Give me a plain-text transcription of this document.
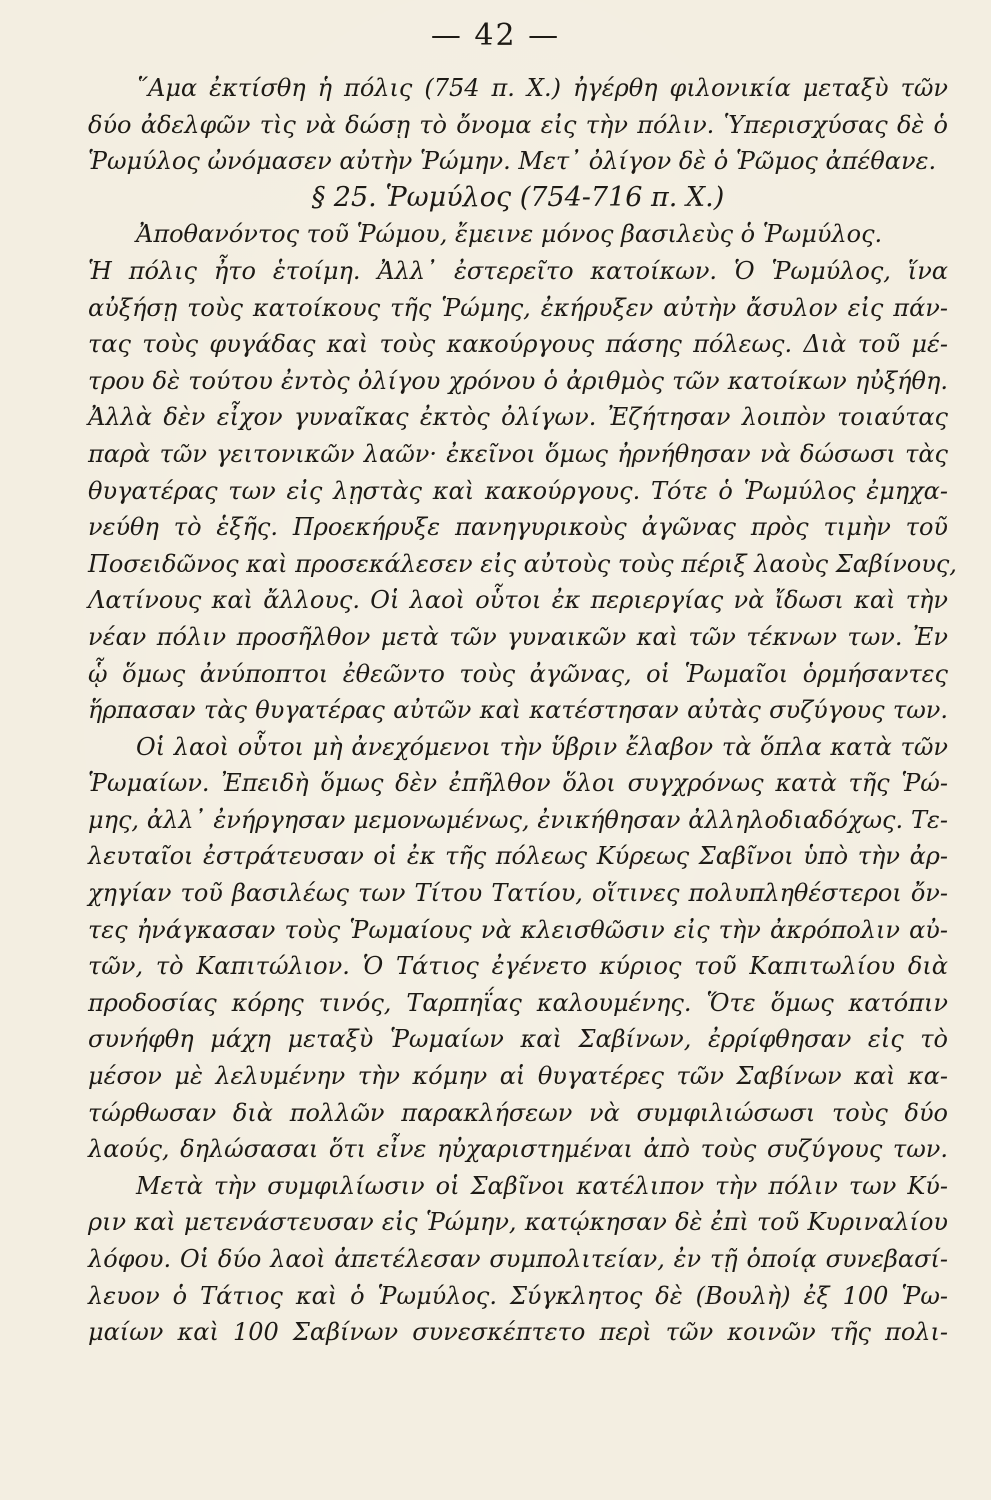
— 42 —
῞Αμα ἐκτίσθη ἡ πόλις (754 π. Χ.) ἠγέρθη φιλονικία μεταξὺ τῶν
δύο ἀδελφῶν τὶς νὰ δώσῃ τὸ ὄνομα εἰς τὴν πόλιν. Ὑπερισχύσας δὲ ὁ
Ῥωμύλος ὠνόμασεν αὐτὴν Ῥώμην. Μετ᾽ ὀλίγον δὲ ὁ Ῥῶμος ἀπέθανε.
§ 25. Ῥωμύλος (754-716 π. Χ.)
Ἀποθανόντος τοῦ Ῥώμου, ἔμεινε μόνος βασιλεὺς ὁ Ῥωμύλος.
Ἡ πόλις ἦτο ἑτοίμη. Ἀλλ᾽ ἐστερεῖτο κατοίκων. Ὁ Ῥωμύλος, ἵνα
αὐξήσῃ τοὺς κατοίκους τῆς Ῥώμης, ἐκήρυξεν αὐτὴν ἄσυλον εἰς πάν-
τας τοὺς φυγάδας καὶ τοὺς κακούργους πάσης πόλεως. Διὰ τοῦ μέ-
τρου δὲ τούτου ἐντὸς ὀλίγου χρόνου ὁ ἀριθμὸς τῶν κατοίκων ηὐξήθη.
Ἀλλὰ δὲν εἶχον γυναῖκας ἐκτὸς ὀλίγων. Ἐζήτησαν λοιπὸν τοιαύτας
παρὰ τῶν γειτονικῶν λαῶν· ἐκεῖνοι ὅμως ἠρνήθησαν νὰ δώσωσι τὰς
θυγατέρας των εἰς λῃστὰς καὶ κακούργους. Τότε ὁ Ῥωμύλος ἐμηχα-
νεύθη τὸ ἑξῆς. Προεκήρυξε πανηγυρικοὺς ἀγῶνας πρὸς τιμὴν τοῦ
Ποσειδῶνος καὶ προσεκάλεσεν εἰς αὐτοὺς τοὺς πέριξ λαοὺς Σαβίνους,
Λατίνους καὶ ἄλλους. Οἱ λαοὶ οὗτοι ἐκ περιεργίας νὰ ἴδωσι καὶ τὴν
νέαν πόλιν προσῆλθον μετὰ τῶν γυναικῶν καὶ τῶν τέκνων των. Ἐν
ᾧ ὅμως ἀνύποπτοι ἐθεῶντο τοὺς ἀγῶνας, οἱ Ῥωμαῖοι ὁρμήσαντες
ἥρπασαν τὰς θυγατέρας αὐτῶν καὶ κατέστησαν αὐτὰς συζύγους των.
Οἱ λαοὶ οὗτοι μὴ ἀνεχόμενοι τὴν ὕβριν ἔλαβον τὰ ὅπλα κατὰ τῶν
Ῥωμαίων. Ἐπειδὴ ὅμως δὲν ἐπῆλθον ὅλοι συγχρόνως κατὰ τῆς Ῥώ-
μης, ἀλλ᾽ ἐνήργησαν μεμονωμένως, ἐνικήθησαν ἀλληλοδιαδόχως. Τε-
λευταῖοι ἐστράτευσαν οἱ ἐκ τῆς πόλεως Κύρεως Σαβῖνοι ὑπὸ τὴν ἀρ-
χηγίαν τοῦ βασιλέως των Τίτου Τατίου, οἵτινες πολυπληθέστεροι ὄν-
τες ἠνάγκασαν τοὺς Ῥωμαίους νὰ κλεισθῶσιν εἰς τὴν ἀκρόπολιν αὐ-
τῶν, τὸ Καπιτώλιον. Ὁ Τάτιος ἐγένετο κύριος τοῦ Καπιτωλίου διὰ
προδοσίας κόρης τινός, Ταρπηΐας καλουμένης. Ὅτε ὅμως κατόπιν
συνήφθη μάχη μεταξὺ Ῥωμαίων καὶ Σαβίνων, ἐρρίφθησαν εἰς τὸ
μέσον μὲ λελυμένην τὴν κόμην αἱ θυγατέρες τῶν Σαβίνων καὶ κα-
τώρθωσαν διὰ πολλῶν παρακλήσεων νὰ συμφιλιώσωσι τοὺς δύο
λαούς, δηλώσασαι ὅτι εἶνε ηὐχαριστημέναι ἀπὸ τοὺς συζύγους των.
Μετὰ τὴν συμφιλίωσιν οἱ Σαβῖνοι κατέλιπον τὴν πόλιν των Κύ-
ριν καὶ μετενάστευσαν εἰς Ῥώμην, κατῴκησαν δὲ ἐπὶ τοῦ Κυριναλίου
λόφου. Οἱ δύο λαοὶ ἀπετέλεσαν συμπολιτείαν, ἐν τῇ ὁποίᾳ συνεβασί-
λευον ὁ Τάτιος καὶ ὁ Ῥωμύλος. Σύγκλητος δὲ (Βουλὴ) ἐξ 100 Ῥω-
μαίων καὶ 100 Σαβίνων συνεσκέπτετο περὶ τῶν κοινῶν τῆς πολι-
